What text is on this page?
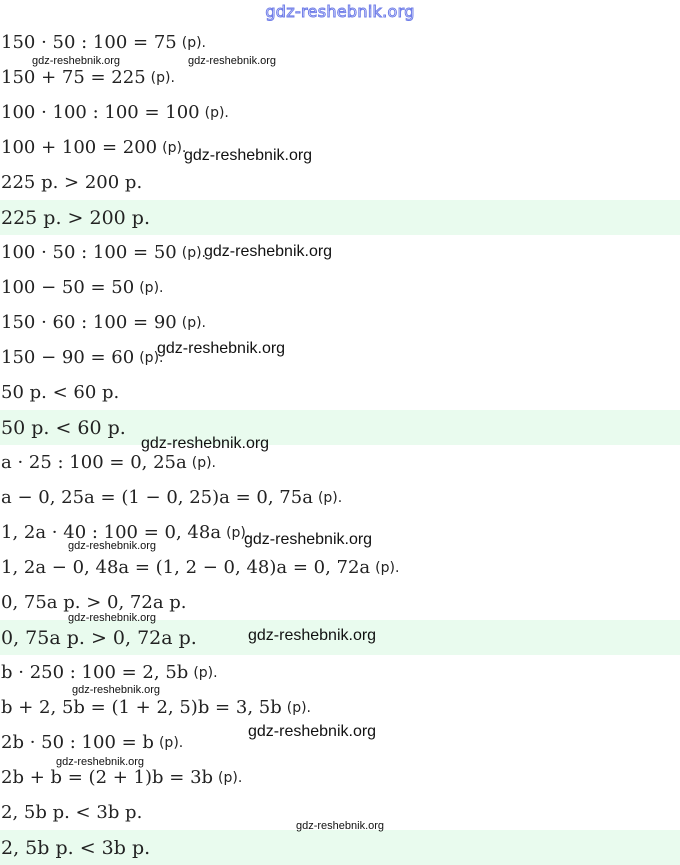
gdz-reshebnik.org
150 · 50 : 100 = 75 (р).
150 + 75 = 225 (р).
100 · 100 : 100 = 100 (р).
100 + 100 = 200 (р).
225 р. > 200 р.
225 р. > 200 р.
100 · 50 : 100 = 50 (р).
100 − 50 = 50 (р).
150 · 60 : 100 = 90 (р).
150 − 90 = 60 (р).
50 р. < 60 р.
50 р. < 60 р.
a · 25 : 100 = 0, 25a (р).
a − 0, 25a = (1 − 0, 25)a = 0, 75a (р).
1, 2a · 40 : 100 = 0, 48a (р).
1, 2a − 0, 48a = (1, 2 − 0, 48)a = 0, 72a (р).
0, 75a р. > 0, 72a р.
0, 75a р. > 0, 72a р.
b · 250 : 100 = 2, 5b (р).
b + 2, 5b = (1 + 2, 5)b = 3, 5b (р).
2b · 50 : 100 = b (р).
2b + b = (2 + 1)b = 3b (р).
2, 5b р. < 3b р.
2, 5b р. < 3b р.
gdz-reshebnik.org	gdz-reshebnik.org
gdz-reshebnik.org
gdz-reshebnik.org
gdz-reshebnik.org
gdz-reshebnik.org
gdz-reshebnik.org
gdz-reshebnik.org
gdz-reshebnik.org
gdz-reshebnik.org
gdz-reshebnik.org
gdz-reshebnik.org
gdz-reshebnik.org
gdz-reshebnik.org
